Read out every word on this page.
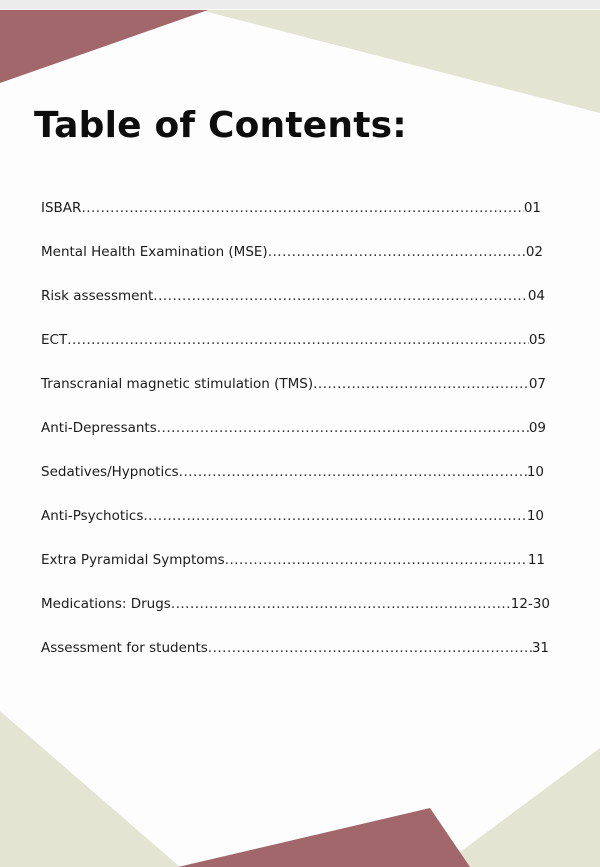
Table of Contents:
ISBAR .....	01
Mental Health Examination (MSE) .....	02
Risk assessment .....	04
ECT .....	05
Transcranial magnetic stimulation (TMS) .....	07
Anti-Depressants .....	09
Sedatives/Hypnotics .....	10
Anti-Psychotics .....	10
Extra Pyramidal Symptoms .....	11
Medications: Drugs .....	12-30
Assessment for students .....	31
